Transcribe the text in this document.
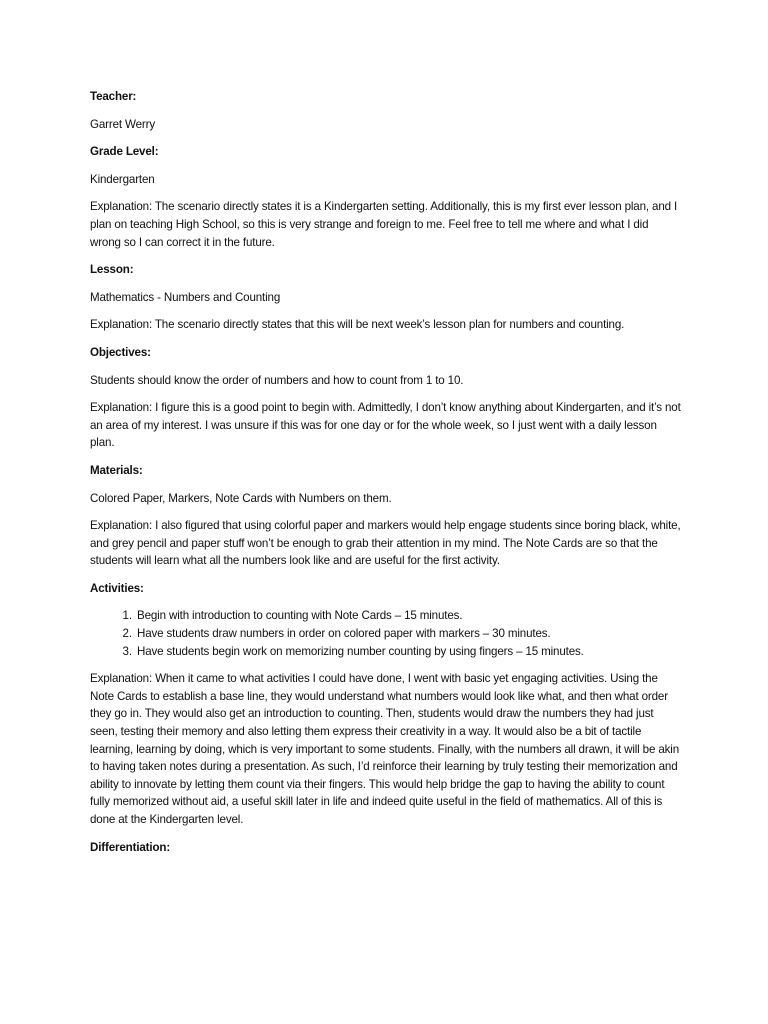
Teacher:

Garret Werry

Grade Level:

Kindergarten

Explanation: The scenario directly states it is a Kindergarten setting. Additionally, this is my first ever lesson plan, and I plan on teaching High School, so this is very strange and foreign to me. Feel free to tell me where and what I did wrong so I can correct it in the future.

Lesson:

Mathematics - Numbers and Counting

Explanation: The scenario directly states that this will be next week’s lesson plan for numbers and counting.

Objectives:

Students should know the order of numbers and how to count from 1 to 10.

Explanation: I figure this is a good point to begin with. Admittedly, I don’t know anything about Kindergarten, and it’s not an area of my interest. I was unsure if this was for one day or for the whole week, so I just went with a daily lesson plan.

Materials:

Colored Paper, Markers, Note Cards with Numbers on them.

Explanation: I also figured that using colorful paper and markers would help engage students since boring black, white, and grey pencil and paper stuff won’t be enough to grab their attention in my mind. The Note Cards are so that the students will learn what all the numbers look like and are useful for the first activity.

Activities:

1. Begin with introduction to counting with Note Cards – 15 minutes.
2. Have students draw numbers in order on colored paper with markers – 30 minutes.
3. Have students begin work on memorizing number counting by using fingers – 15 minutes.

Explanation: When it came to what activities I could have done, I went with basic yet engaging activities. Using the Note Cards to establish a base line, they would understand what numbers would look like what, and then what order they go in. They would also get an introduction to counting. Then, students would draw the numbers they had just seen, testing their memory and also letting them express their creativity in a way. It would also be a bit of tactile learning, learning by doing, which is very important to some students. Finally, with the numbers all drawn, it will be akin to having taken notes during a presentation. As such, I’d reinforce their learning by truly testing their memorization and ability to innovate by letting them count via their fingers. This would help bridge the gap to having the ability to count fully memorized without aid, a useful skill later in life and indeed quite useful in the field of mathematics. All of this is done at the Kindergarten level.

Differentiation:
